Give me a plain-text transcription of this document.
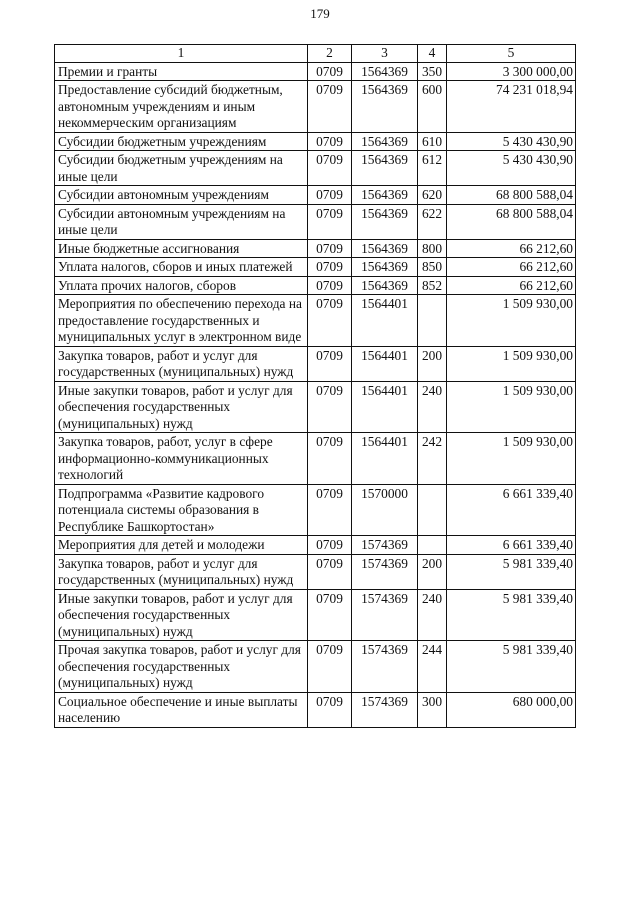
179
1	2	3	4	5
Премии и гранты	0709	1564369	350	3 300 000,00
Предоставление субсидий бюджетным, автономным учреждениям и иным некоммерческим организациям	0709	1564369	600	74 231 018,94
Субсидии бюджетным учреждениям	0709	1564369	610	5 430 430,90
Субсидии бюджетным учреждениям на иные цели	0709	1564369	612	5 430 430,90
Субсидии автономным учреждениям	0709	1564369	620	68 800 588,04
Субсидии автономным учреждениям на иные цели	0709	1564369	622	68 800 588,04
Иные бюджетные ассигнования	0709	1564369	800	66 212,60
Уплата налогов, сборов и иных платежей	0709	1564369	850	66 212,60
Уплата прочих налогов, сборов	0709	1564369	852	66 212,60
Мероприятия по обеспечению перехода на предоставление государственных и муниципальных услуг в электронном виде	0709	1564401		1 509 930,00
Закупка товаров, работ и услуг для государственных (муниципальных) нужд	0709	1564401	200	1 509 930,00
Иные закупки товаров, работ и услуг для обеспечения государственных (муниципальных) нужд	0709	1564401	240	1 509 930,00
Закупка товаров, работ, услуг в сфере информационно-коммуникационных технологий	0709	1564401	242	1 509 930,00
Подпрограмма «Развитие кадрового потенциала системы образования в Республике Башкортостан»	0709	1570000		6 661 339,40
Мероприятия для детей и молодежи	0709	1574369		6 661 339,40
Закупка товаров, работ и услуг для государственных (муниципальных) нужд	0709	1574369	200	5 981 339,40
Иные закупки товаров, работ и услуг для обеспечения государственных (муниципальных) нужд	0709	1574369	240	5 981 339,40
Прочая закупка товаров, работ и услуг для обеспечения государственных (муниципальных) нужд	0709	1574369	244	5 981 339,40
Социальное обеспечение и иные выплаты населению	0709	1574369	300	680 000,00
